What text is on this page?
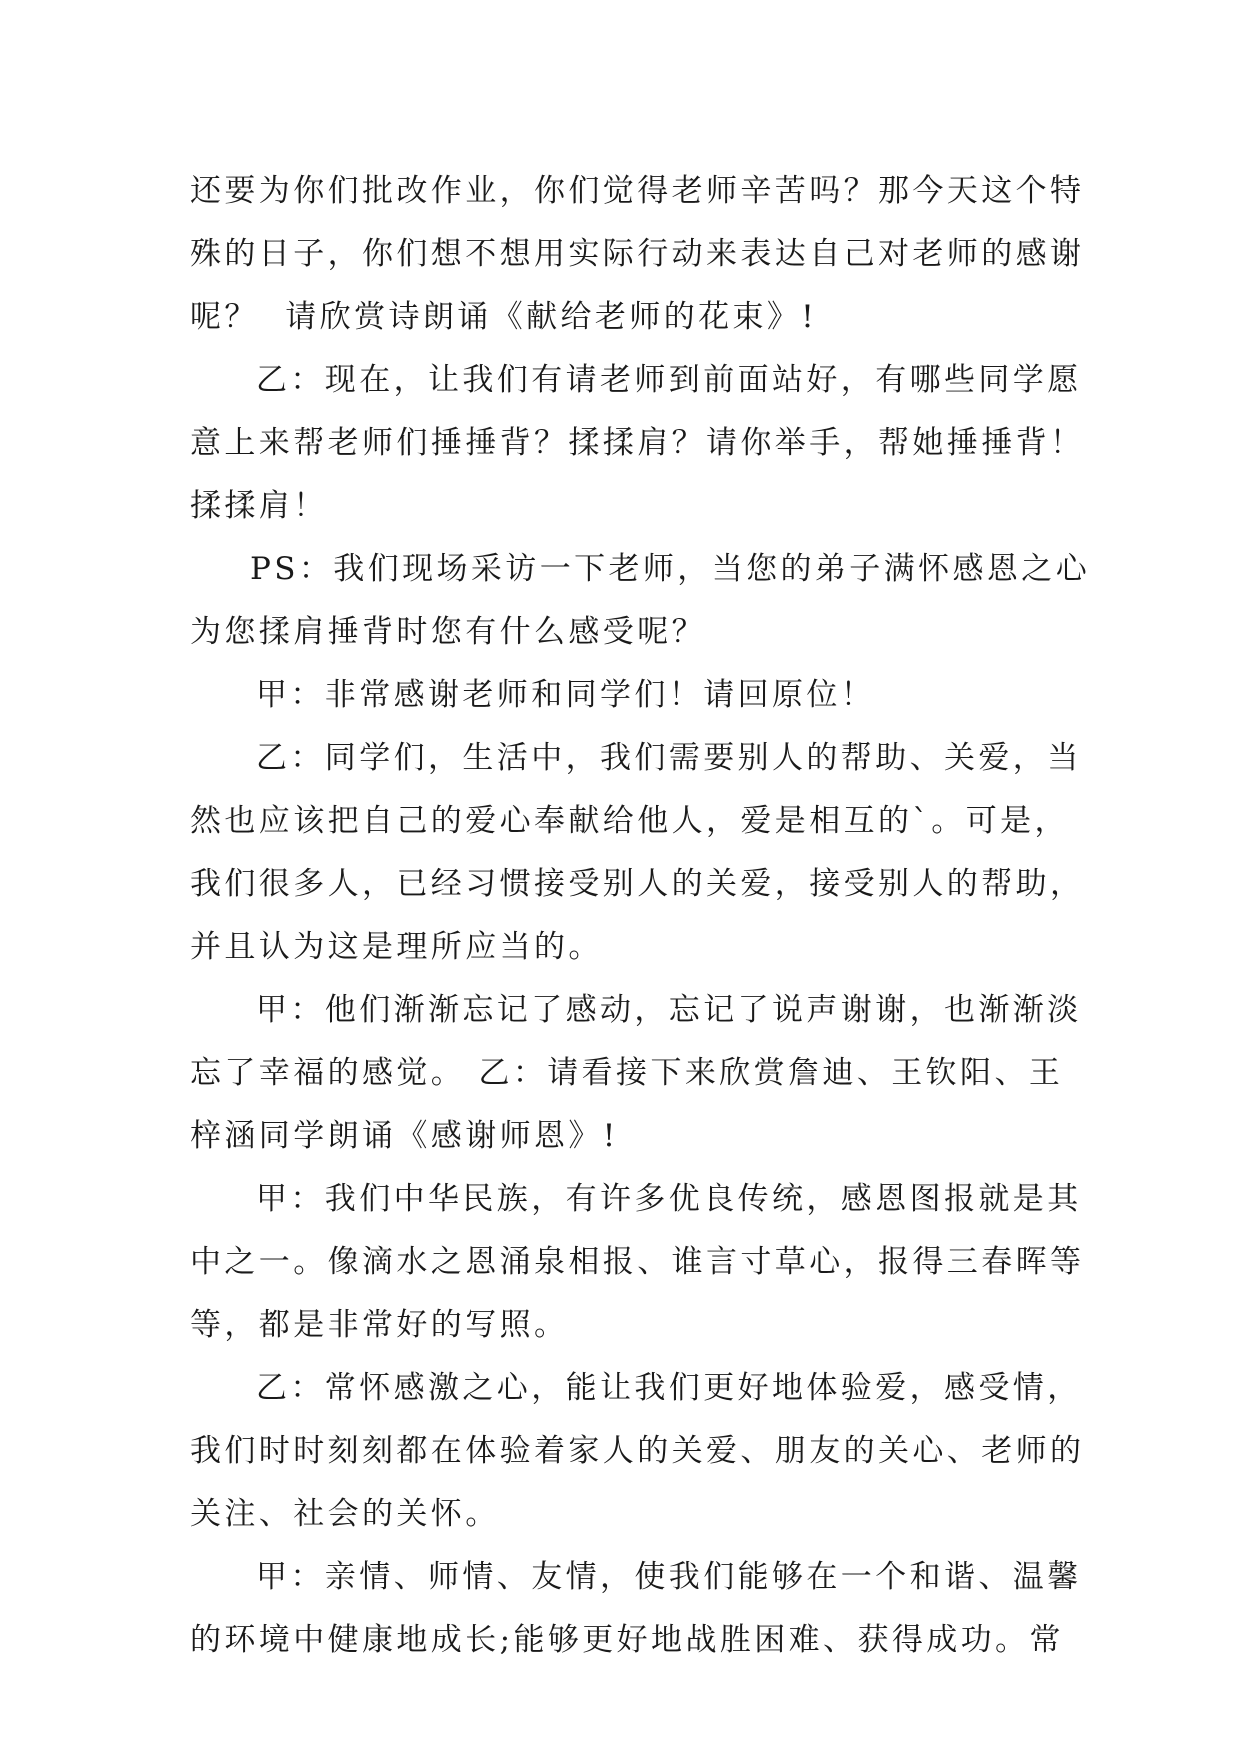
还要为你们批改作业，你们觉得老师辛苦吗？那今天这个特
殊的日子，你们想不想用实际行动来表达自己对老师的感谢
呢？  请欣赏诗朗诵《献给老师的花束》!
乙：现在，让我们有请老师到前面站好，有哪些同学愿
意上来帮老师们捶捶背？揉揉肩？请你举手，帮她捶捶背！
揉揉肩！
PS：我们现场采访一下老师，当您的弟子满怀感恩之心
为您揉肩捶背时您有什么感受呢？
甲：非常感谢老师和同学们！请回原位！
乙：同学们，生活中，我们需要别人的帮助、关爱，当
然也应该把自己的爱心奉献给他人，爱是相互的`。可是，
我们很多人，已经习惯接受别人的关爱，接受别人的帮助，
并且认为这是理所应当的。
甲：他们渐渐忘记了感动，忘记了说声谢谢，也渐渐淡
忘了幸福的感觉。 乙：请看接下来欣赏詹迪、王钦阳、王
梓涵同学朗诵《感谢师恩》!
甲：我们中华民族，有许多优良传统，感恩图报就是其
中之一。像滴水之恩涌泉相报、谁言寸草心，报得三春晖等
等，都是非常好的写照。
乙：常怀感激之心，能让我们更好地体验爱，感受情，
我们时时刻刻都在体验着家人的关爱、朋友的关心、老师的
关注、社会的关怀。
甲：亲情、师情、友情，使我们能够在一个和谐、温馨
的环境中健康地成长;能够更好地战胜困难、获得成功。常
